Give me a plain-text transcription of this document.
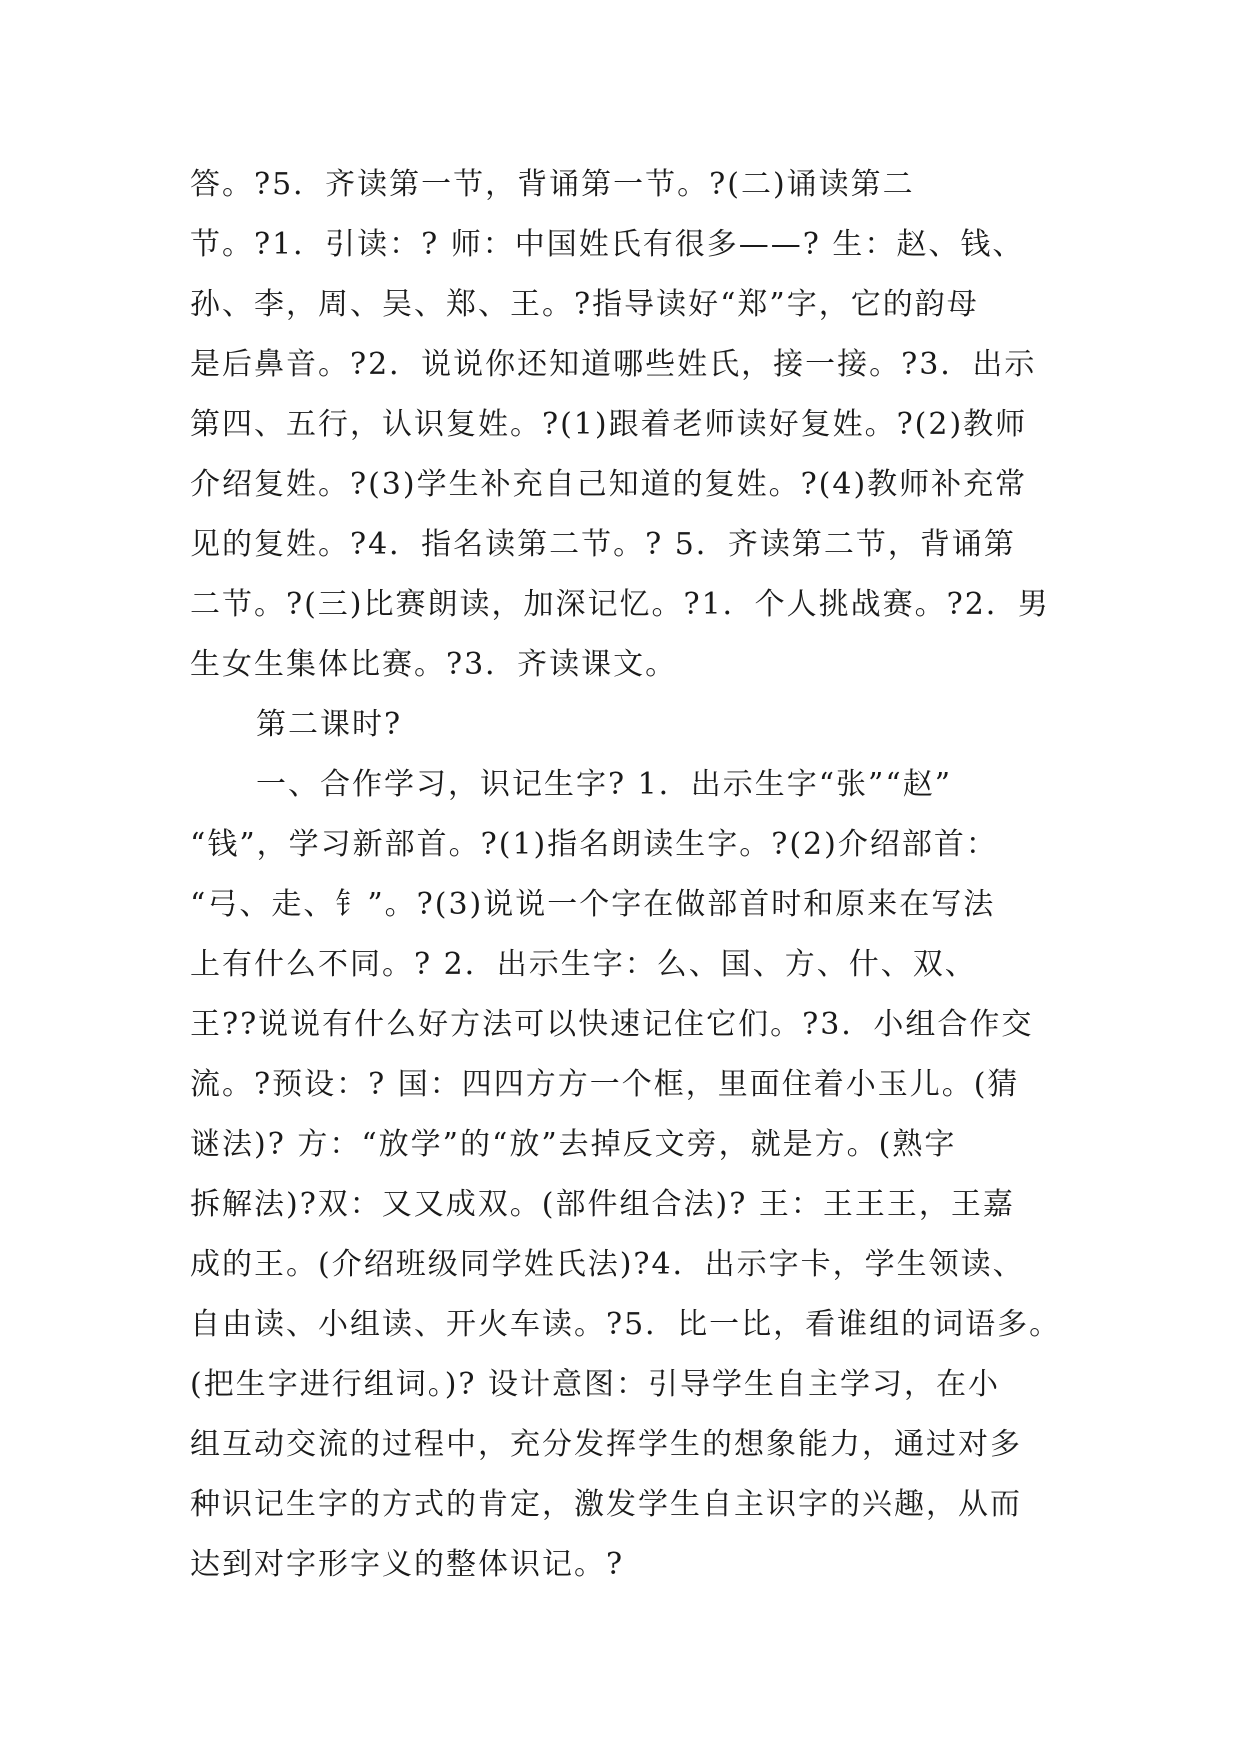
答。?5．齐读第一节，背诵第一节。?(二)诵读第二

节。?1．引读：? 师：中国姓氏有很多——? 生：赵、钱、

孙、李，周、吴、郑、王。?指导读好“郑”字，它的韵母

是后鼻音。?2．说说你还知道哪些姓氏，接一接。?3．出示

第四、五行，认识复姓。?(1)跟着老师读好复姓。?(2)教师

介绍复姓。?(3)学生补充自己知道的复姓。?(4)教师补充常

见的复姓。?4．指名读第二节。? 5．齐读第二节，背诵第

二节。?(三)比赛朗读，加深记忆。?1．个人挑战赛。?2．男

生女生集体比赛。?3．齐读课文。

第二课时?

一、合作学习，识记生字? 1．出示生字“张”“赵”

“钱”，学习新部首。?(1)指名朗读生字。?(2)介绍部首：

“弓、走、钅”。?(3)说说一个字在做部首时和原来在写法

上有什么不同。? 2．出示生字：么、国、方、什、双、

王??说说有什么好方法可以快速记住它们。?3．小组合作交

流。?预设：? 国：四四方方一个框，里面住着小玉儿。(猜

谜法)? 方：“放学”的“放”去掉反文旁，就是方。(熟字

拆解法)?双：又又成双。(部件组合法)? 王：王王王，王嘉

成的王。(介绍班级同学姓氏法)?4．出示字卡，学生领读、

自由读、小组读、开火车读。?5．比一比，看谁组的词语多。

(把生字进行组词。)? 设计意图：引导学生自主学习，在小

组互动交流的过程中，充分发挥学生的想象能力，通过对多

种识记生字的方式的肯定，激发学生自主识字的兴趣，从而

达到对字形字义的整体识记。?
